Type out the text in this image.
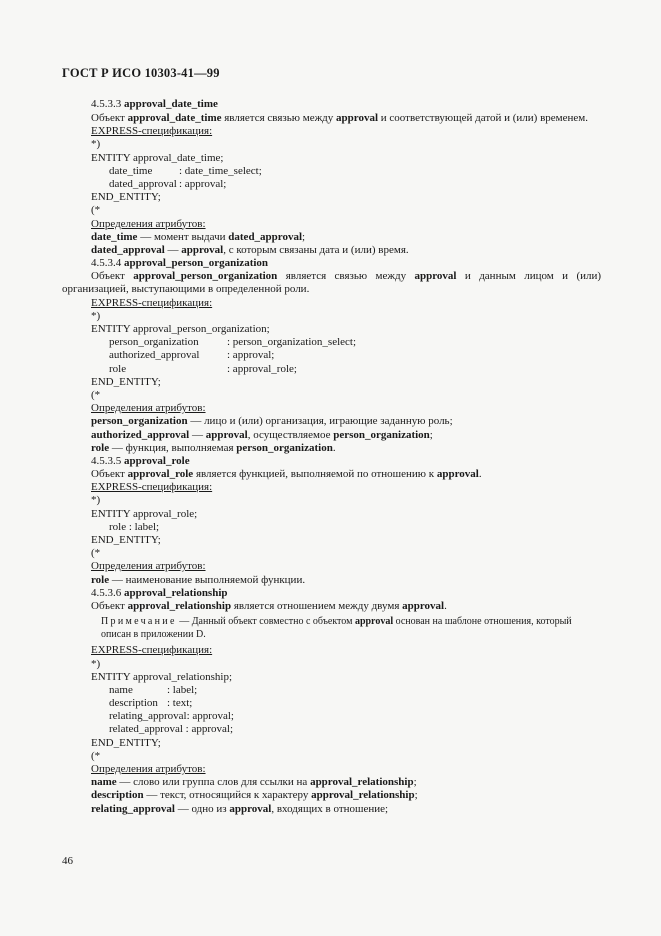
ГОСТ Р ИСО 10303-41—99
4.5.3.3 approval_date_time
Объект approval_date_time является связью между approval и соответствующей датой и (или) временем.
EXPRESS-спецификация:
*)
ENTITY approval_date_time;
date_time : date_time_select;
dated_approval : approval;
END_ENTITY;
(*
Определения атрибутов:
date_time — момент выдачи dated_approval;
dated_approval — approval, с которым связаны дата и (или) время.
4.5.3.4 approval_person_organization
Объект approval_person_organization является связью между approval и данным лицом и (или) организацией, выступающими в определенной роли.
EXPRESS-спецификация:
*)
ENTITY approval_person_organization;
person_organization	: person_organization_select;
authorized_approval	: approval;
role	: approval_role;
END_ENTITY;
(*
Определения атрибутов:
person_organization — лицо и (или) организация, играющие заданную роль;
authorized_approval — approval, осуществляемое person_organization;
role — функция, выполняемая person_organization.
4.5.3.5 approval_role
Объект approval_role является функцией, выполняемой по отношению к approval.
EXPRESS-спецификация:
*)
ENTITY approval_role;
role : label;
END_ENTITY;
(*
Определения атрибутов:
role — наименование выполняемой функции.
4.5.3.6 approval_relationship
Объект approval_relationship является отношением между двумя approval.
Примечание — Данный объект совместно с объектом approval основан на шаблоне отношения, который описан в приложении D.
EXPRESS-спецификация:
*)
ENTITY approval_relationship;
name	: label;
description : text;
relating_approval: approval;
related_approval : approval;
END_ENTITY;
(*
Определения атрибутов:
name — слово или группа слов для ссылки на approval_relationship;
description — текст, относящийся к характеру approval_relationship;
relating_approval — одно из approval, входящих в отношение;
46
